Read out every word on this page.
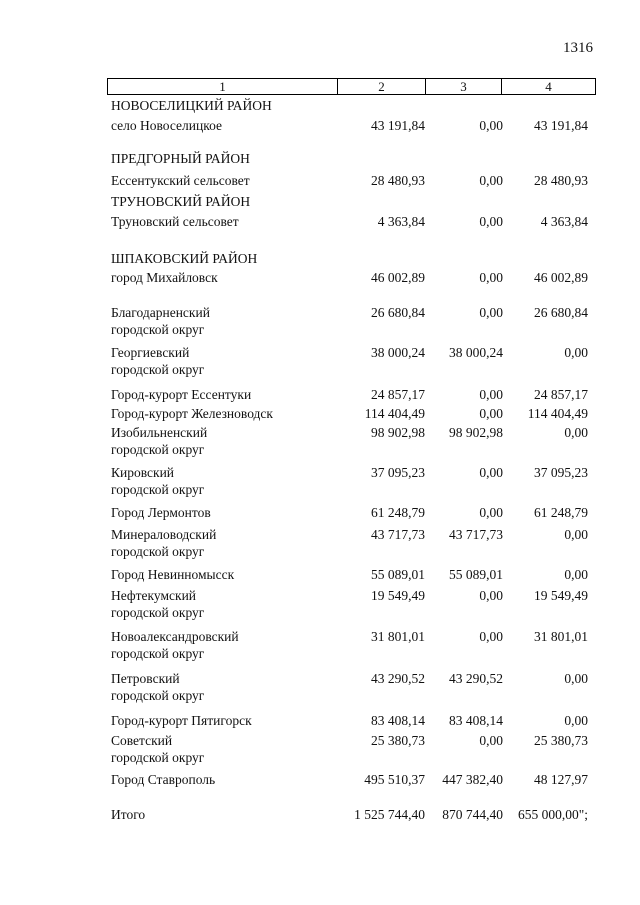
1316
1	2	3	4
НОВОСЕЛИЦКИЙ РАЙОН
село Новоселицкое	43 191,84	0,00	43 191,84
ПРЕДГОРНЫЙ РАЙОН
Ессентукский сельсовет	28 480,93	0,00	28 480,93
ТРУНОВСКИЙ РАЙОН
Труновский сельсовет	4 363,84	0,00	4 363,84
ШПАКОВСКИЙ РАЙОН
город Михайловск	46 002,89	0,00	46 002,89
Благодарненский
городской округ
26 680,84	0,00	26 680,84
Георгиевский
городской округ
38 000,24	38 000,24	0,00
Город-курорт Ессентуки	24 857,17	0,00	24 857,17
Город-курорт Железноводск	114 404,49	0,00	114 404,49
Изобильненский
городской округ
98 902,98	98 902,98	0,00
Кировский
городской округ
37 095,23	0,00	37 095,23
Город Лермонтов	61 248,79	0,00	61 248,79
Минераловодский
городской округ
43 717,73	43 717,73	0,00
Город Невинномысск	55 089,01	55 089,01	0,00
Нефтекумский
городской округ
19 549,49	0,00	19 549,49
Новоалександровский
городской округ
31 801,01	0,00	31 801,01
Петровский
городской округ
43 290,52	43 290,52	0,00
Город-курорт Пятигорск	83 408,14	83 408,14	0,00
Советский
городской округ
25 380,73	0,00	25 380,73
Город Ставрополь	495 510,37	447 382,40	48 127,97
Итого	1 525 744,40	870 744,40	655 000,00";
